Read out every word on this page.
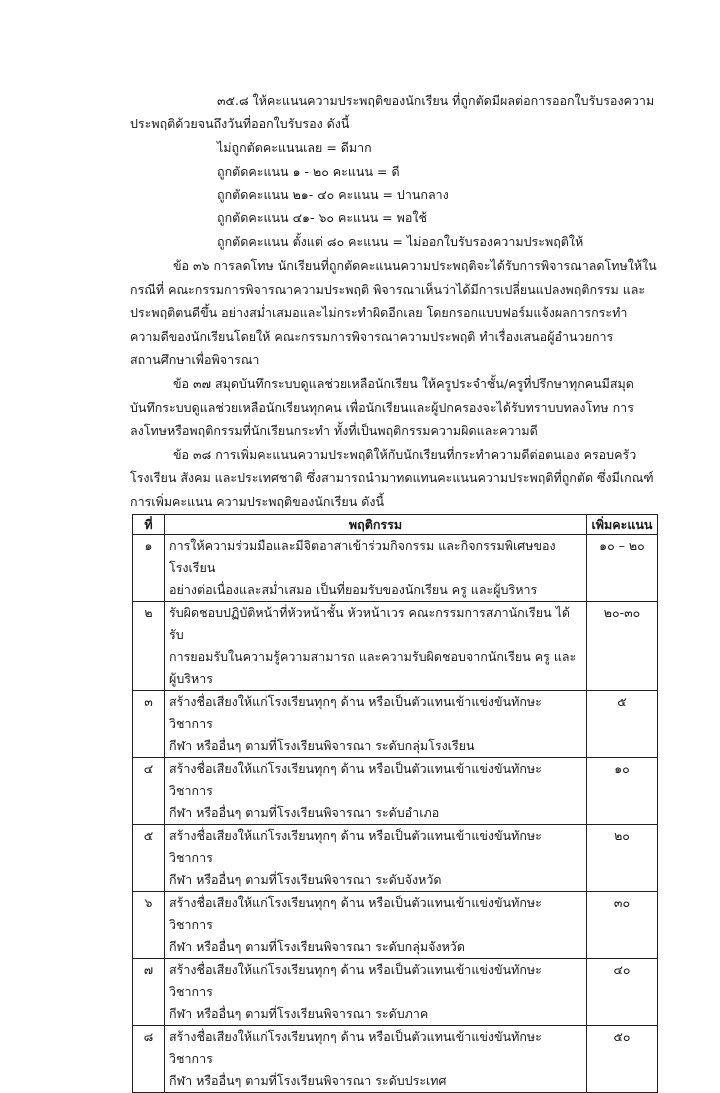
๓๕.๘ ให้คะแนนความประพฤติของนักเรียน ที่ถูกตัดมีผลต่อการออกใบรับรองความ
ประพฤติด้วยจนถึงวันที่ออกใบรับรอง ดังนี้
ไม่ถูกตัดคะแนนเลย = ดีมาก
ถูกตัดคะแนน ๑ - ๒๐ คะแนน = ดี
ถูกตัดคะแนน ๒๑- ๔๐ คะแนน = ปานกลาง
ถูกตัดคะแนน ๔๑- ๖๐ คะแนน = พอใช้
ถูกตัดคะแนน ตั้งแต่ ๘๐ คะแนน = ไม่ออกใบรับรองความประพฤติให้
ข้อ ๓๖ การลดโทษ นักเรียนที่ถูกตัดคะแนนความประพฤติจะได้รับการพิจารณาลดโทษให้ใน
กรณีที่ คณะกรรมการพิจารณาความประพฤติ พิจารณาเห็นว่าได้มีการเปลี่ยนแปลงพฤติกรรม และ
ประพฤติตนดีขึ้น อย่างสม่ำเสมอและไม่กระทำผิดอีกเลย โดยกรอกแบบฟอร์มแจ้งผลการกระทำ
ความดีของนักเรียนโดยให้ คณะกรรมการพิจารณาความประพฤติ ทำเรื่องเสนอผู้อำนวยการ
สถานศึกษาเพื่อพิจารณา
ข้อ ๓๗ สมุดบันทึกระบบดูแลช่วยเหลือนักเรียน ให้ครูประจำชั้น/ครูที่ปรึกษาทุกคนมีสมุด
บันทึกระบบดูแลช่วยเหลือนักเรียนทุกคน เพื่อนักเรียนและผู้ปกครองจะได้รับทราบบทลงโทษ การ
ลงโทษหรือพฤติกรรมที่นักเรียนกระทำ ทั้งที่เป็นพฤติกรรมความผิดและความดี
ข้อ ๓๘ การเพิ่มคะแนนความประพฤติให้กับนักเรียนที่กระทำความดีต่อตนเอง ครอบครัว
โรงเรียน สังคม และประเทศชาติ ซึ่งสามารถนำมาทดแทนคะแนนความประพฤติที่ถูกตัด ซึ่งมีเกณฑ์
การเพิ่มคะแนน ความประพฤติของนักเรียน ดังนี้
ที่	พฤติกรรม	เพิ่มคะแนน
๑	การให้ความร่วมมือและมีจิตอาสาเข้าร่วมกิจกรรม และกิจกรรมพิเศษของโรงเรียน
อย่างต่อเนื่องและสม่ำเสมอ เป็นที่ยอมรับของนักเรียน ครู และผู้บริหาร	๑๐ – ๒๐
๒	รับผิดชอบปฏิบัติหน้าที่หัวหน้าชั้น หัวหน้าเวร คณะกรรมการสภานักเรียน ได้รับ
การยอมรับในความรู้ความสามารถ และความรับผิดชอบจากนักเรียน ครู และ
ผู้บริหาร	๒๐-๓๐
๓	สร้างชื่อเสียงให้แก่โรงเรียนทุกๆ ด้าน หรือเป็นตัวแทนเข้าแข่งขันทักษะวิชาการ
กีฬา หรืออื่นๆ ตามที่โรงเรียนพิจารณา ระดับกลุ่มโรงเรียน	๕
๔	สร้างชื่อเสียงให้แก่โรงเรียนทุกๆ ด้าน หรือเป็นตัวแทนเข้าแข่งขันทักษะวิชาการ
กีฬา หรืออื่นๆ ตามที่โรงเรียนพิจารณา ระดับอำเภอ	๑๐
๕	สร้างชื่อเสียงให้แก่โรงเรียนทุกๆ ด้าน หรือเป็นตัวแทนเข้าแข่งขันทักษะวิชาการ
กีฬา หรืออื่นๆ ตามที่โรงเรียนพิจารณา ระดับจังหวัด	๒๐
๖	สร้างชื่อเสียงให้แก่โรงเรียนทุกๆ ด้าน หรือเป็นตัวแทนเข้าแข่งขันทักษะวิชาการ
กีฬา หรืออื่นๆ ตามที่โรงเรียนพิจารณา ระดับกลุ่มจังหวัด	๓๐
๗	สร้างชื่อเสียงให้แก่โรงเรียนทุกๆ ด้าน หรือเป็นตัวแทนเข้าแข่งขันทักษะวิชาการ
กีฬา หรืออื่นๆ ตามที่โรงเรียนพิจารณา ระดับภาค	๔๐
๘	สร้างชื่อเสียงให้แก่โรงเรียนทุกๆ ด้าน หรือเป็นตัวแทนเข้าแข่งขันทักษะวิชาการ
กีฬา หรืออื่นๆ ตามที่โรงเรียนพิจารณา ระดับประเทศ	๕๐
